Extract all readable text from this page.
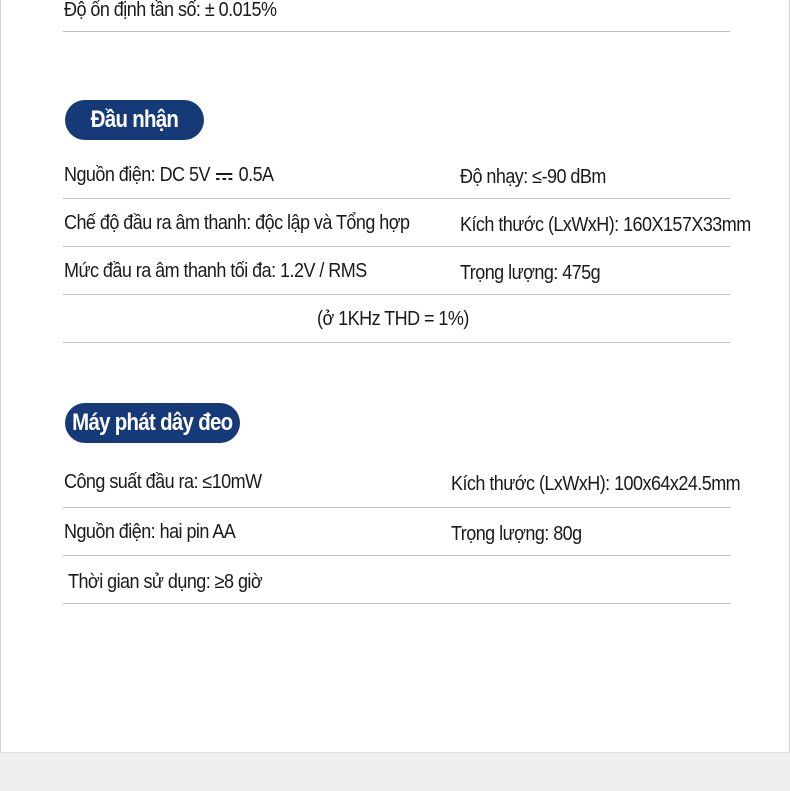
Độ ổn định tần số: ± 0.015%
Đầu nhận
Nguồn điện: DC 5V 0.5A	Độ nhạy: ≤-90 dBm
Chế độ đầu ra âm thanh: độc lập và Tổng hợp	Kích thước (LxWxH): 160X157X33mm
Mức đầu ra âm thanh tối đa: 1.2V / RMS	Trọng lượng: 475g
(ở 1KHz THD = 1%)
Máy phát dây đeo
Công suất đầu ra: ≤10mW	Kích thước (LxWxH): 100x64x24.5mm
Nguồn điện: hai pin AA	Trọng lượng: 80g
Thời gian sử dụng: ≥8 giờ
